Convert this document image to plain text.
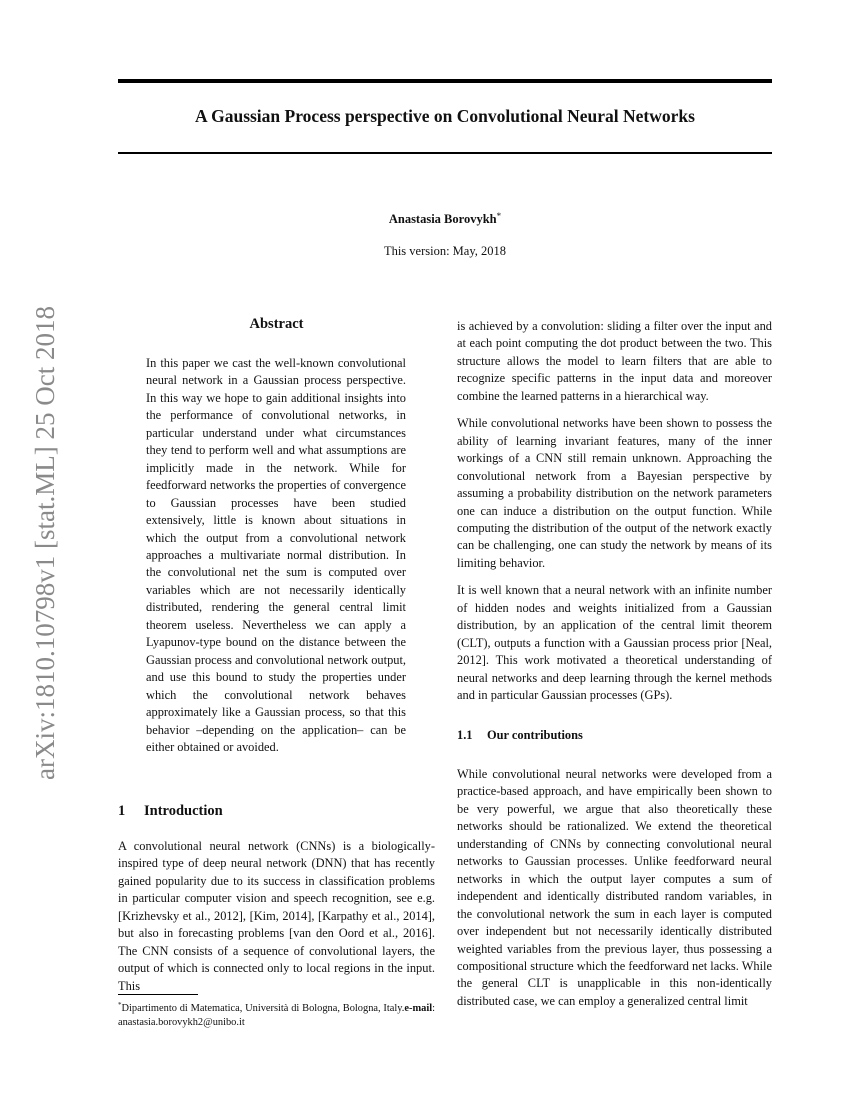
arXiv:1810.10798v1 [stat.ML] 25 Oct 2018
A Gaussian Process perspective on Convolutional Neural Networks
Anastasia Borovykh*
This version: May, 2018
Abstract
In this paper we cast the well-known convolutional neural network in a Gaussian process perspective. In this way we hope to gain additional insights into the performance of convolutional networks, in particular understand under what circumstances they tend to perform well and what assumptions are implicitly made in the network. While for feedforward networks the properties of convergence to Gaussian processes have been studied extensively, little is known about situations in which the output from a convolutional network approaches a multivariate normal distribution. In the convolutional net the sum is computed over variables which are not necessarily identically distributed, rendering the general central limit theorem useless. Nevertheless we can apply a Lyapunov-type bound on the distance between the Gaussian process and convolutional network output, and use this bound to study the properties under which the convolutional network behaves approximately like a Gaussian process, so that this behavior –depending on the application– can be either obtained or avoided.
1 Introduction
A convolutional neural network (CNNs) is a biologically-inspired type of deep neural network (DNN) that has recently gained popularity due to its success in classification problems in particular computer vision and speech recognition, see e.g. [Krizhevsky et al., 2012], [Kim, 2014], [Karpathy et al., 2014], but also in forecasting problems [van den Oord et al., 2016]. The CNN consists of a sequence of convolutional layers, the output of which is connected only to local regions in the input. This
*Dipartimento di Matematica, Università di Bologna, Bologna, Italy.e-mail: anastasia.borovykh2@unibo.it

is achieved by a convolution: sliding a filter over the input and at each point computing the dot product between the two. This structure allows the model to learn filters that are able to recognize specific patterns in the input data and moreover combine the learned patterns in a hierarchical way.

While convolutional networks have been shown to possess the ability of learning invariant features, many of the inner workings of a CNN still remain unknown. Approaching the convolutional network from a Bayesian perspective by assuming a probability distribution on the network parameters one can induce a distribution on the output function. While computing the distribution of the output of the network exactly can be challenging, one can study the network by means of its limiting behavior.

It is well known that a neural network with an infinite number of hidden nodes and weights initialized from a Gaussian distribution, by an application of the central limit theorem (CLT), outputs a function with a Gaussian process prior [Neal, 2012]. This work motivated a theoretical understanding of neural networks and deep learning through the kernel methods and in particular Gaussian processes (GPs).

1.1 Our contributions

While convolutional neural networks were developed from a practice-based approach, and have empirically been shown to be very powerful, we argue that also theoretically these networks should be rationalized. We extend the theoretical understanding of CNNs by connecting convolutional neural networks to Gaussian processes. Unlike feedforward neural networks in which the output layer computes a sum of independent and identically distributed random variables, in the convolutional network the sum in each layer is computed over independent but not necessarily identically distributed weighted variables from the previous layer, thus possessing a compositional structure which the feedforward net lacks. While the general CLT is unapplicable in this non-identically distributed case, we can employ a generalized central limit
